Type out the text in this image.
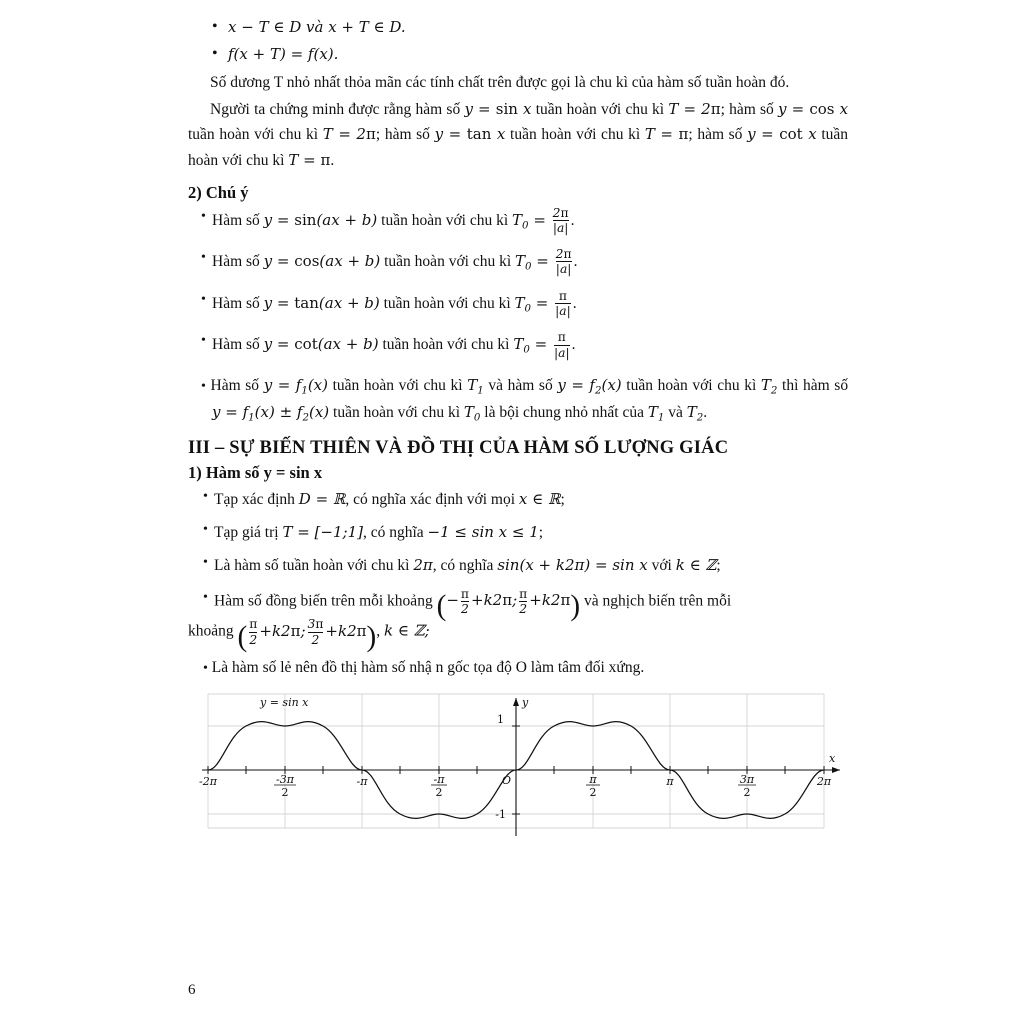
• x − T ∈ D và x + T ∈ D.
• f(x + T) = f(x).

Số dương T nhỏ nhất thỏa mãn các tính chất trên được gọi là chu kì của hàm số tuần hoàn đó.

Người ta chứng minh được rằng hàm số y = sin x tuần hoàn với chu kì T = 2π; hàm số y = cos x tuần hoàn với chu kì T = 2π; hàm số y = tan x tuần hoàn với chu kì T = π; hàm số y = cot x tuần hoàn với chu kì T = π.

2) Chú ý
• Hàm số y = sin(ax + b) tuần hoàn với chu kì $T_0 = \frac{2\pi}{|a|}$ .
• Hàm số y = cos(ax + b) tuần hoàn với chu kì $T_0 = \frac{2\pi}{|a|}$ .
• Hàm số y = tan(ax + b) tuần hoàn với chu kì $T_0 = \frac{\pi}{|a|}$ .
• Hàm số y = cot(ax + b) tuần hoàn với chu kì $T_0 = \frac{\pi}{|a|}$ .

• Hàm số $y = f_1(x)$ tuần hoàn với chu kì $T_1$ và hàm số $y = f_2(x)$ tuần hoàn với chu kì $T_2$ thì hàm số $y = f_1(x) \pm f_2(x)$ tuần hoàn với chu kì $T_0$ là bội chung nhỏ nhất của $T_1$ và $T_2$.

III – SỰ BIẾN THIÊN VÀ ĐỒ THỊ CỦA HÀM SỐ LƯỢNG GIÁC
1) Hàm số y = sin x
• Tạp xác định D = ℝ, có nghĩa xác định với mọi x ∈ ℝ;
• Tạp giá trị T = [−1;1], có nghĩa −1 ≤ sin x ≤ 1;
• Là hàm số tuần hoàn với chu kì 2π, có nghĩa sin(x + k2π) = sin x với k ∈ ℤ;
• Hàm số đồng biến trên mỗi khoảng (− $\frac{\pi}{2} +k2\pi$; $\frac{\pi}{2} +k2\pi$) và nghịch biến trên mỗi

khoảng ( $\frac{\pi}{2} +k2\pi$; $\frac{3\pi}{2} +k2\pi$), k ∈ ℤ;

• Là hàm số lẻ nên đồ thị hàm số nhậ n gốc tọa độ O làm tâm đối xứng.

y = sin x
x
y
O
1
-1
-2π	-π	π	2π
-3π
2
-π
2
π
2
3π
2
6
